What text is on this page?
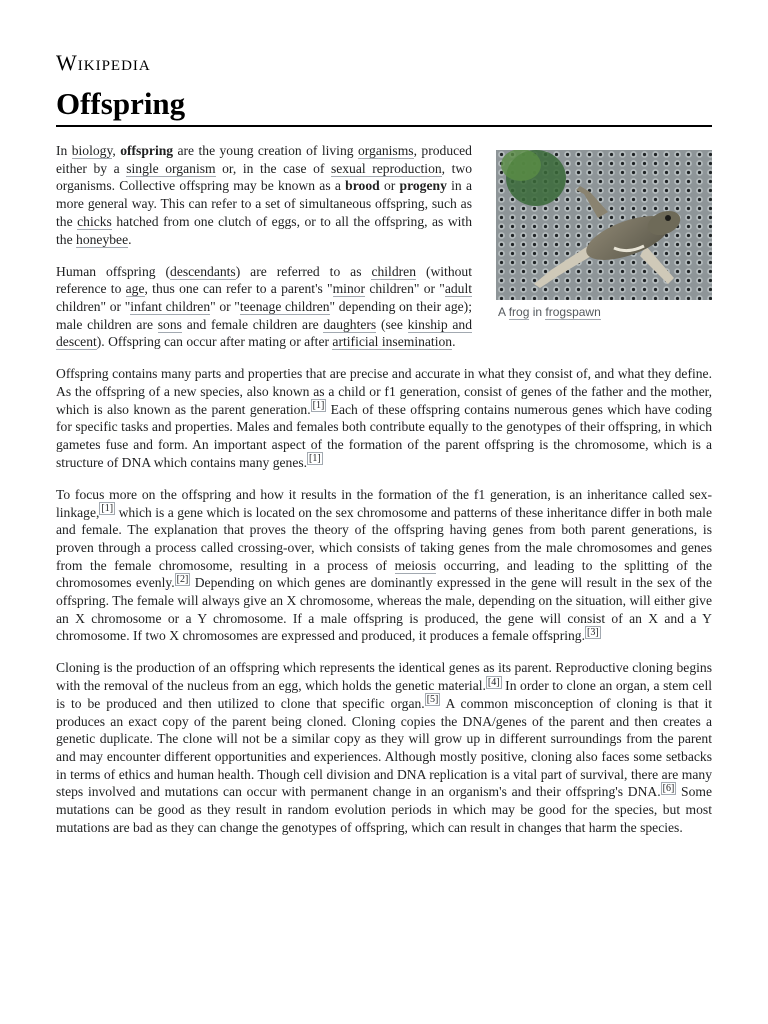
Wikipedia
Offspring
A frog in frogspawn

In biology, offspring are the young creation of living organisms, produced either by a single organism or, in the case of sexual reproduction, two organisms. Collective offspring may be known as a brood or progeny in a more general way. This can refer to a set of simultaneous offspring, such as the chicks hatched from one clutch of eggs, or to all the offspring, as with the honeybee.

Human offspring (descendants) are referred to as children (without reference to age, thus one can refer to a parent's "minor children" or "adult children" or "infant children" or "teenage children" depending on their age); male children are sons and female children are daughters (see kinship and descent). Offspring can occur after mating or after artificial insemination.

Offspring contains many parts and properties that are precise and accurate in what they consist of, and what they define. As the offspring of a new species, also known as a child or f1 generation, consist of genes of the father and the mother, which is also known as the parent generation. [1] Each of these offspring contains numerous genes which have coding for specific tasks and properties. Males and females both contribute equally to the genotypes of their offspring, in which gametes fuse and form. An important aspect of the formation of the parent offspring is the chromosome, which is a structure of DNA which contains many genes. [1]

To focus more on the offspring and how it results in the formation of the f1 generation, is an inheritance called sex-linkage, [1] which is a gene which is located on the sex chromosome and patterns of these inheritance differ in both male and female. The explanation that proves the theory of the offspring having genes from both parent generations, is proven through a process called crossing-over, which consists of taking genes from the male chromosomes and genes from the female chromosome, resulting in a process of meiosis occurring, and leading to the splitting of the chromosomes evenly. [2] Depending on which genes are dominantly expressed in the gene will result in the sex of the offspring. The female will always give an X chromosome, whereas the male, depending on the situation, will either give an X chromosome or a Y chromosome. If a male offspring is produced, the gene will consist of an X and a Y chromosome. If two X chromosomes are expressed and produced, it produces a female offspring. [3]

Cloning is the production of an offspring which represents the identical genes as its parent. Reproductive cloning begins with the removal of the nucleus from an egg, which holds the genetic material. [4] In order to clone an organ, a stem cell is to be produced and then utilized to clone that specific organ. [5] A common misconception of cloning is that it produces an exact copy of the parent being cloned. Cloning copies the DNA/genes of the parent and then creates a genetic duplicate. The clone will not be a similar copy as they will grow up in different surroundings from the parent and may encounter different opportunities and experiences. Although mostly positive, cloning also faces some setbacks in terms of ethics and human health. Though cell division and DNA replication is a vital part of survival, there are many steps involved and mutations can occur with permanent change in an organism's and their offspring's DNA. [6] Some mutations can be good as they result in random evolution periods in which may be good for the species, but most mutations are bad as they can change the genotypes of offspring, which can result in changes that harm the species.
